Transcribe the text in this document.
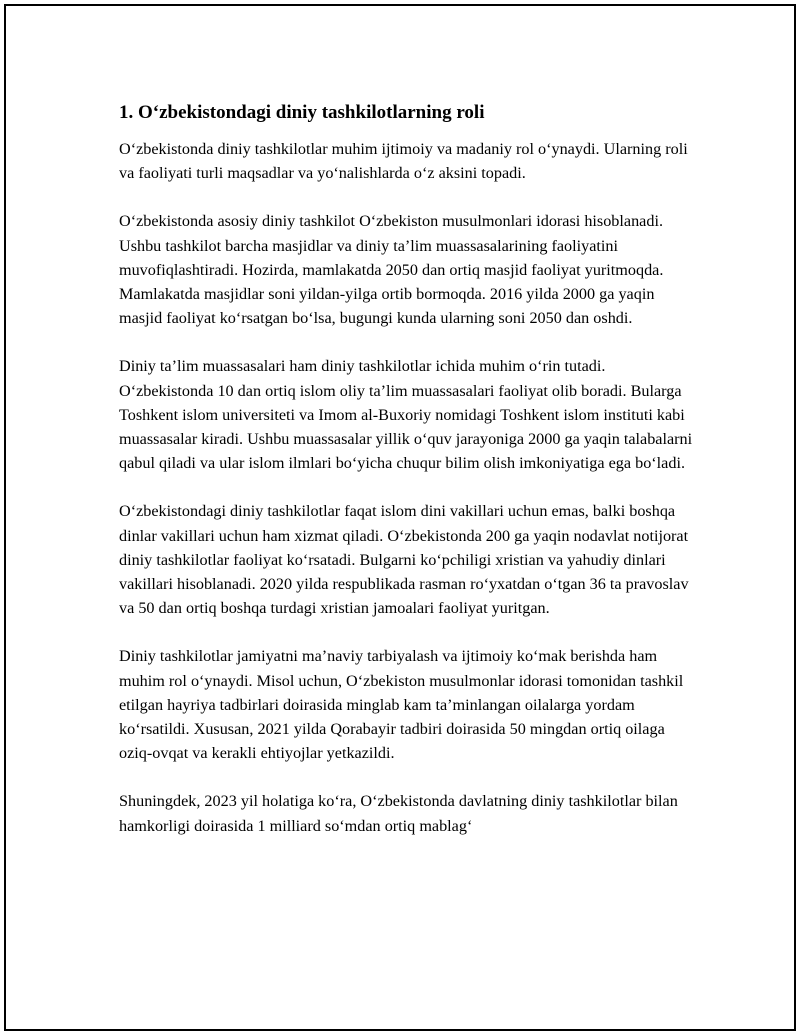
1. O‘zbekistondagi diniy tashkilotlarning roli

O‘zbekistonda diniy tashkilotlar muhim ijtimoiy va madaniy rol o‘ynaydi. Ularning roli va faoliyati turli maqsadlar va yo‘nalishlarda o‘z aksini topadi.

O‘zbekistonda asosiy diniy tashkilot O‘zbekiston musulmonlari idorasi hisoblanadi. Ushbu tashkilot barcha masjidlar va diniy ta’lim muassasalarining faoliyatini muvofiqlashtiradi. Hozirda, mamlakatda 2050 dan ortiq masjid faoliyat yuritmoqda. Mamlakatda masjidlar soni yildan-yilga ortib bormoqda. 2016 yilda 2000 ga yaqin masjid faoliyat ko‘rsatgan bo‘lsa, bugungi kunda ularning soni 2050 dan oshdi.

Diniy ta’lim muassasalari ham diniy tashkilotlar ichida muhim o‘rin tutadi. O‘zbekistonda 10 dan ortiq islom oliy ta’lim muassasalari faoliyat olib boradi. Bularga Toshkent islom universiteti va Imom al-Buxoriy nomidagi Toshkent islom instituti kabi muassasalar kiradi. Ushbu muassasalar yillik o‘quv jarayoniga 2000 ga yaqin talabalarni qabul qiladi va ular islom ilmlari bo‘yicha chuqur bilim olish imkoniyatiga ega bo‘ladi.

O‘zbekistondagi diniy tashkilotlar faqat islom dini vakillari uchun emas, balki boshqa dinlar vakillari uchun ham xizmat qiladi. O‘zbekistonda 200 ga yaqin nodavlat notijorat diniy tashkilotlar faoliyat ko‘rsatadi. Bulgarni ko‘pchiligi xristian va yahudiy dinlari vakillari hisoblanadi. 2020 yilda respublikada rasman ro‘yxatdan o‘tgan 36 ta pravoslav va 50 dan ortiq boshqa turdagi xristian jamoalari faoliyat yuritgan.

Diniy tashkilotlar jamiyatni ma’naviy tarbiyalash va ijtimoiy ko‘mak berishda ham muhim rol o‘ynaydi. Misol uchun, O‘zbekiston musulmonlar idorasi tomonidan tashkil etilgan hayriya tadbirlari doirasida minglab kam ta’minlangan oilalarga yordam ko‘rsatildi. Xususan, 2021 yilda Qorabayir tadbiri doirasida 50 mingdan ortiq oilaga oziq-ovqat va kerakli ehtiyojlar yetkazildi.

Shuningdek, 2023 yil holatiga ko‘ra, O‘zbekistonda davlatning diniy tashkilotlar bilan hamkorligi doirasida 1 milliard so‘mdan ortiq mablag‘
